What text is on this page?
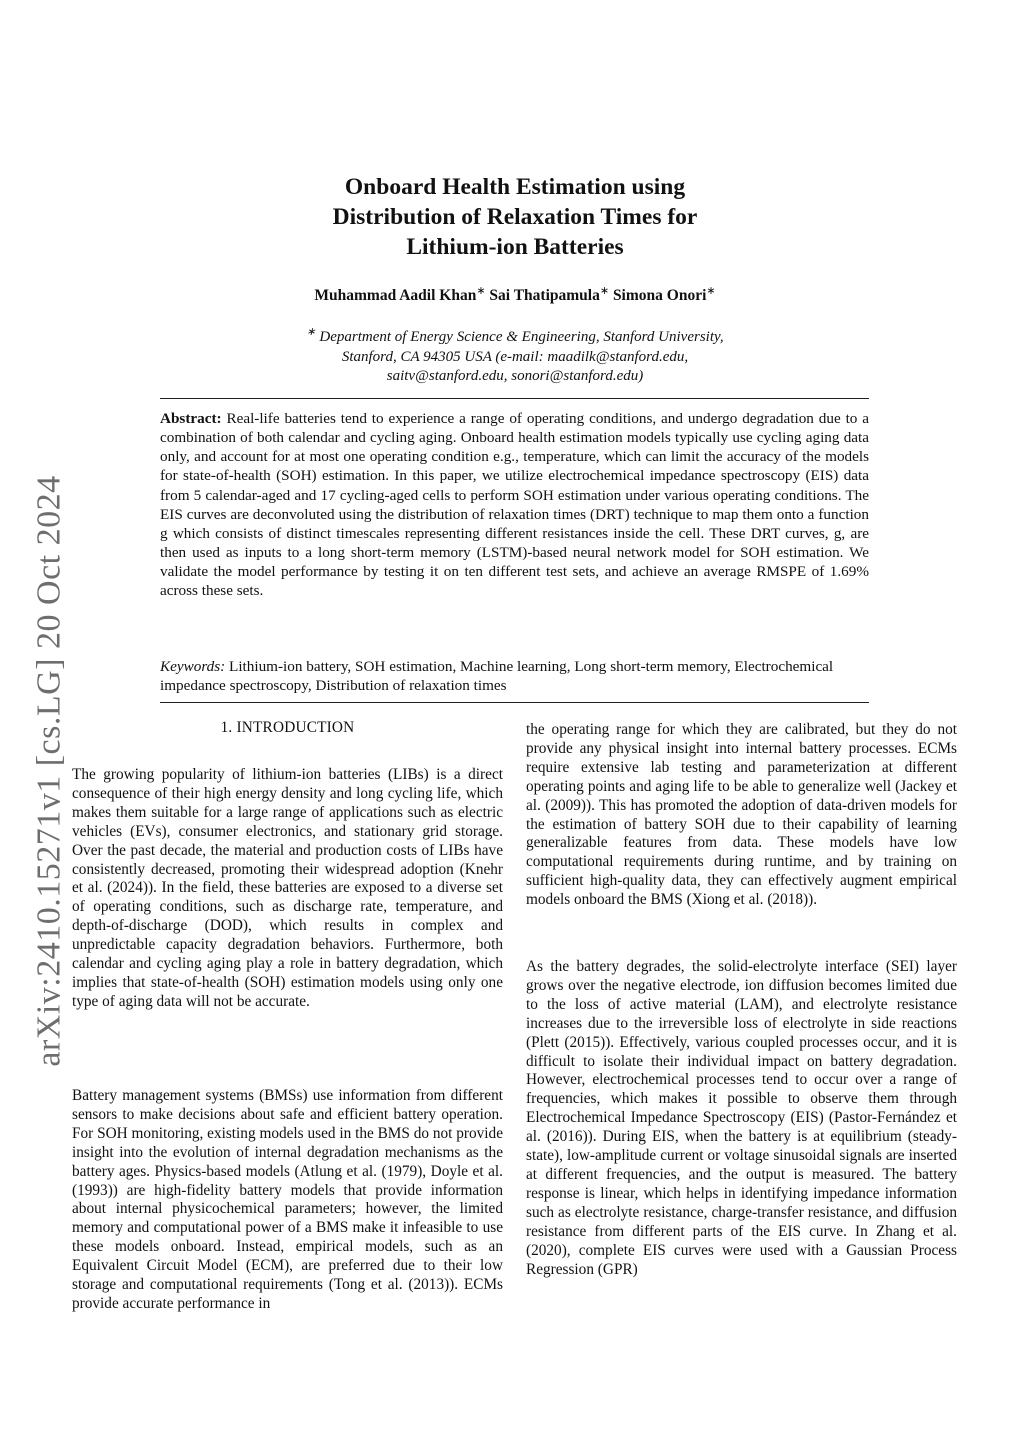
arXiv:2410.15271v1 [cs.LG] 20 Oct 2024
Onboard Health Estimation using
Distribution of Relaxation Times for
Lithium-ion Batteries
Muhammad Aadil Khan∗ Sai Thatipamula∗ Simona Onori∗
∗ Department of Energy Science & Engineering, Stanford University,
Stanford, CA 94305 USA (e-mail: maadilk@stanford.edu,
saitv@stanford.edu, sonori@stanford.edu)
Abstract: Real-life batteries tend to experience a range of operating conditions, and undergo degradation due to a combination of both calendar and cycling aging. Onboard health estimation models typically use cycling aging data only, and account for at most one operating condition e.g., temperature, which can limit the accuracy of the models for state-of-health (SOH) estimation. In this paper, we utilize electrochemical impedance spectroscopy (EIS) data from 5 calendar-aged and 17 cycling-aged cells to perform SOH estimation under various operating conditions. The EIS curves are deconvoluted using the distribution of relaxation times (DRT) technique to map them onto a function g which consists of distinct timescales representing different resistances inside the cell. These DRT curves, g, are then used as inputs to a long short-term memory (LSTM)-based neural network model for SOH estimation. We validate the model performance by testing it on ten different test sets, and achieve an average RMSPE of 1.69% across these sets.
Keywords: Lithium-ion battery, SOH estimation, Machine learning, Long short-term memory, Electrochemical impedance spectroscopy, Distribution of relaxation times
1. INTRODUCTION

The growing popularity of lithium-ion batteries (LIBs) is a direct consequence of their high energy density and long cycling life, which makes them suitable for a large range of applications such as electric vehicles (EVs), consumer electronics, and stationary grid storage. Over the past decade, the material and production costs of LIBs have consistently decreased, promoting their widespread adoption (Knehr et al. (2024)). In the field, these batteries are exposed to a diverse set of operating conditions, such as discharge rate, temperature, and depth-of-discharge (DOD), which results in complex and unpredictable capacity degradation behaviors. Furthermore, both calendar and cycling aging play a role in battery degradation, which implies that state-of-health (SOH) estimation models using only one type of aging data will not be accurate.

Battery management systems (BMSs) use information from different sensors to make decisions about safe and efficient battery operation. For SOH monitoring, existing models used in the BMS do not provide insight into the evolution of internal degradation mechanisms as the battery ages. Physics-based models (Atlung et al. (1979), Doyle et al. (1993)) are high-fidelity battery models that provide information about internal physicochemical parameters; however, the limited memory and computational power of a BMS make it infeasible to use these models onboard. Instead, empirical models, such as an Equivalent Circuit Model (ECM), are preferred due to their low storage and computational requirements (Tong et al. (2013)). ECMs provide accurate performance in

the operating range for which they are calibrated, but they do not provide any physical insight into internal battery processes. ECMs require extensive lab testing and parameterization at different operating points and aging life to be able to generalize well (Jackey et al. (2009)). This has promoted the adoption of data-driven models for the estimation of battery SOH due to their capability of learning generalizable features from data. These models have low computational requirements during runtime, and by training on sufficient high-quality data, they can effectively augment empirical models onboard the BMS (Xiong et al. (2018)).

As the battery degrades, the solid-electrolyte interface (SEI) layer grows over the negative electrode, ion diffusion becomes limited due to the loss of active material (LAM), and electrolyte resistance increases due to the irreversible loss of electrolyte in side reactions (Plett (2015)). Effectively, various coupled processes occur, and it is difficult to isolate their individual impact on battery degradation. However, electrochemical processes tend to occur over a range of frequencies, which makes it possible to observe them through Electrochemical Impedance Spectroscopy (EIS) (Pastor-Fernández et al. (2016)). During EIS, when the battery is at equilibrium (steady-state), low-amplitude current or voltage sinusoidal signals are inserted at different frequencies, and the output is measured. The battery response is linear, which helps in identifying impedance information such as electrolyte resistance, charge-transfer resistance, and diffusion resistance from different parts of the EIS curve. In Zhang et al. (2020), complete EIS curves were used with a Gaussian Process Regression (GPR)
